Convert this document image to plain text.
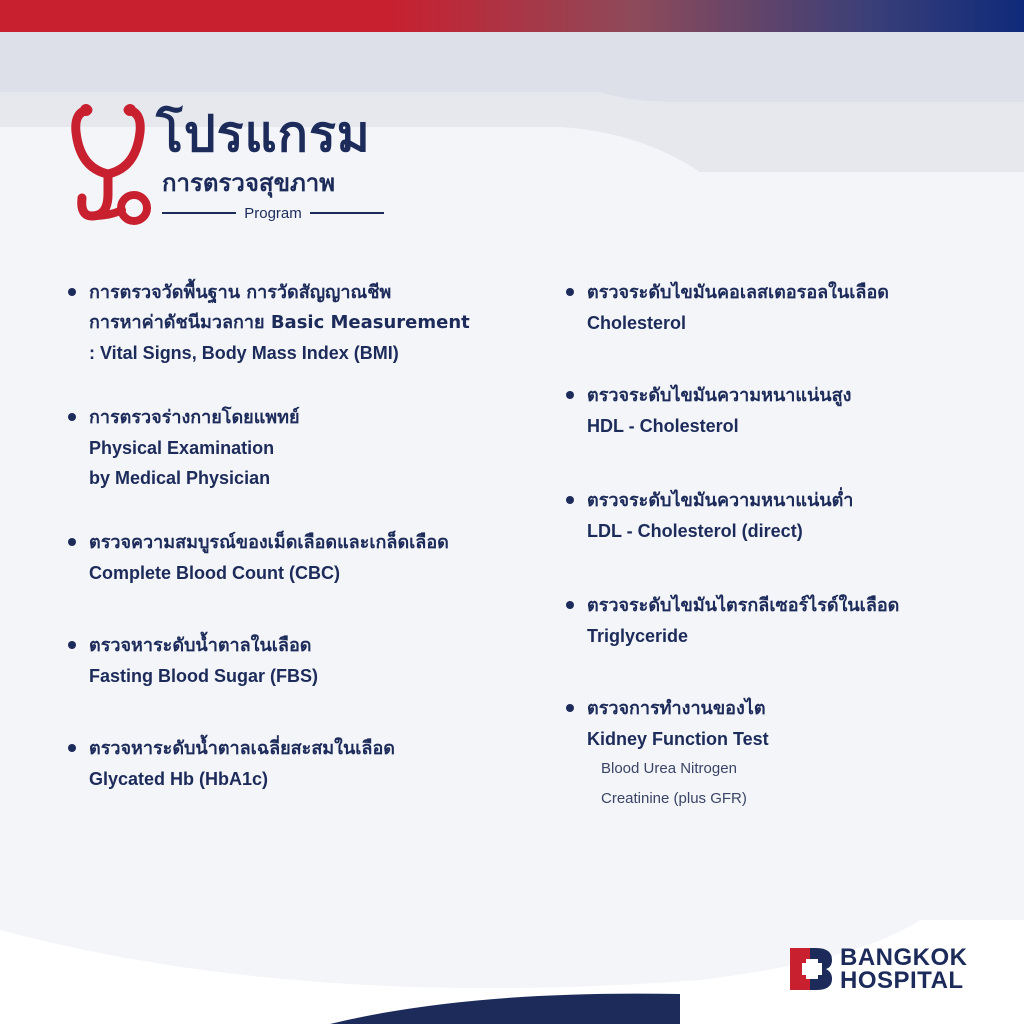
โปรแกรม
การตรวจสุขภาพ
Program
การตรวจวัดพื้นฐาน การวัดสัญญาณชีพ
การหาค่าดัชนีมวลกาย Basic Measurement
: Vital Signs, Body Mass Index (BMI)
การตรวจร่างกายโดยแพทย์
Physical Examination
by Medical Physician
ตรวจความสมบูรณ์ของเม็ดเลือดและเกล็ดเลือด
Complete Blood Count (CBC)
ตรวจหาระดับน้ำตาลในเลือด
Fasting Blood Sugar (FBS)
ตรวจหาระดับน้ำตาลเฉลี่ยสะสมในเลือด
Glycated Hb (HbA1c)
ตรวจระดับไขมันคอเลสเตอรอลในเลือด
Cholesterol
ตรวจระดับไขมันความหนาแน่นสูง
HDL - Cholesterol
ตรวจระดับไขมันความหนาแน่นต่ำ
LDL - Cholesterol (direct)
ตรวจระดับไขมันไตรกลีเซอร์ไรด์ในเลือด
Triglyceride
ตรวจการทำงานของไต
Kidney Function Test
Blood Urea Nitrogen
Creatinine (plus GFR)
BANGKOK
HOSPITAL
